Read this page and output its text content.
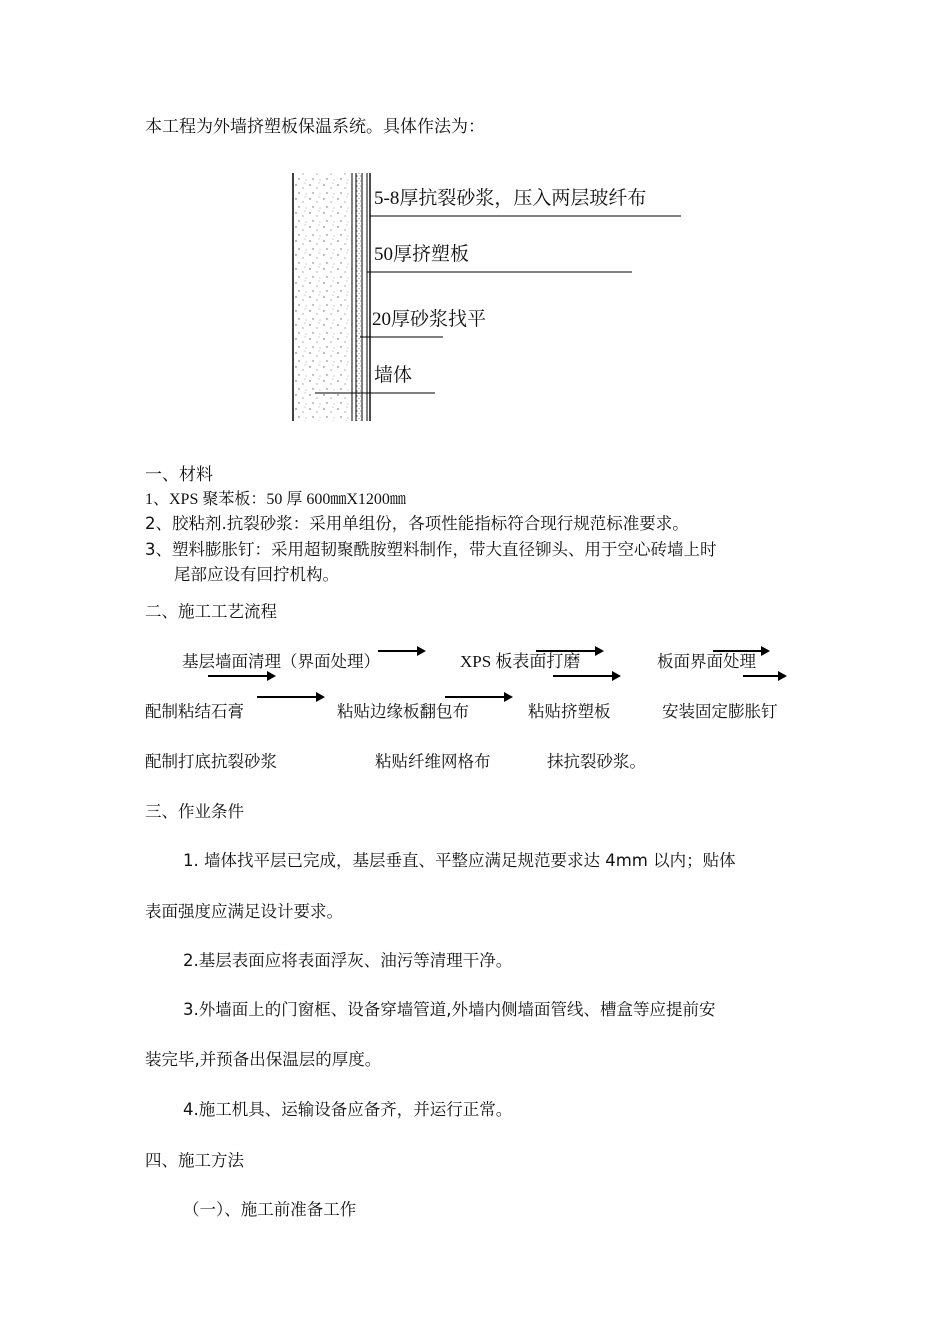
本工程为外墙挤塑板保温系统。具体作法为：
5-8厚抗裂砂浆，压入两层玻纤布
50厚挤塑板
20厚砂浆找平
墙体
一、材料
1、XPS 聚苯板：50 厚 600㎜X1200㎜
2、胶粘剂.抗裂砂浆：采用单组份，各项性能指标符合现行规范标准要求。
3、塑料膨胀钉：采用超韧聚酰胺塑料制作，带大直径铆头、用于空心砖墙上时
尾部应设有回拧机构。
二、施工工艺流程
基层墙面清理（界面处理）	XPS 板表面打磨	板面界面处理
配制粘结石膏	粘贴边缘板翻包布	粘贴挤塑板	安装固定膨胀钉
配制打底抗裂砂浆	粘贴纤维网格布	抹抗裂砂浆。
三、作业条件
1. 墙体找平层已完成，基层垂直、平整应满足规范要求达 4mm 以内；贴体
表面强度应满足设计要求。
2.基层表面应将表面浮灰、油污等清理干净。
3.外墙面上的门窗框、设备穿墙管道,外墙内侧墙面管线、槽盒等应提前安
装完毕,并预备出保温层的厚度。
4.施工机具、运输设备应备齐，并运行正常。
四、施工方法
（一）、施工前准备工作
